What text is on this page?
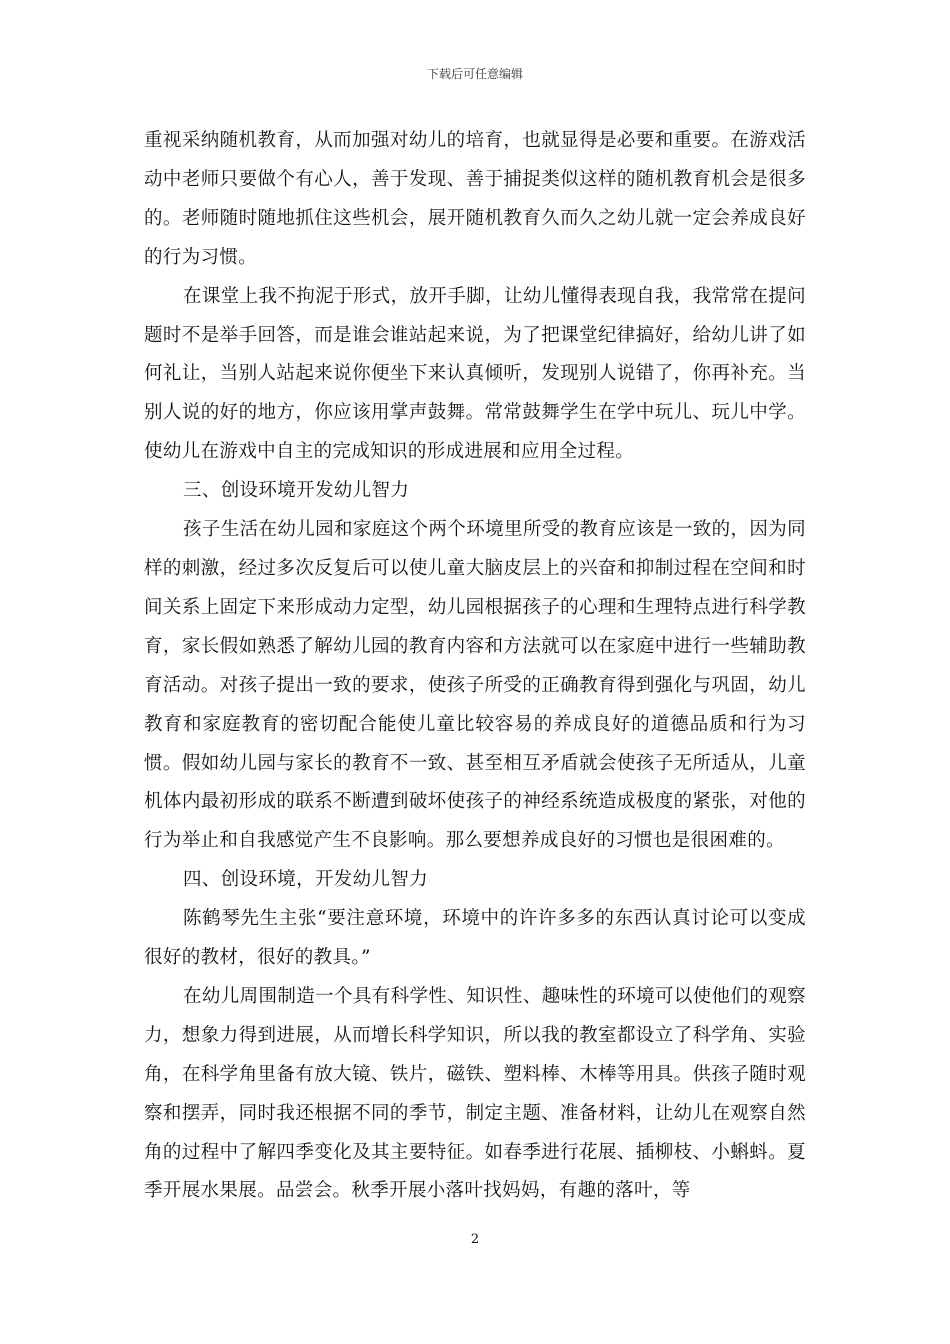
下载后可任意编辑

重视采纳随机教育，从而加强对幼儿的培育，也就显得是必要和重要。在游戏活动中老师只要做个有心人，善于发现、善于捕捉类似这样的随机教育机会是很多的。老师随时随地抓住这些机会，展开随机教育久而久之幼儿就一定会养成良好的行为习惯。

在课堂上我不拘泥于形式，放开手脚，让幼儿懂得表现自我，我常常在提问题时不是举手回答，而是谁会谁站起来说，为了把课堂纪律搞好，给幼儿讲了如何礼让，当别人站起来说你便坐下来认真倾听，发现别人说错了，你再补充。当别人说的好的地方，你应该用掌声鼓舞。常常鼓舞学生在学中玩儿、玩儿中学。使幼儿在游戏中自主的完成知识的形成进展和应用全过程。

三、创设环境开发幼儿智力

孩子生活在幼儿园和家庭这个两个环境里所受的教育应该是一致的，因为同样的刺激，经过多次反复后可以使儿童大脑皮层上的兴奋和抑制过程在空间和时间关系上固定下来形成动力定型，幼儿园根据孩子的心理和生理特点进行科学教育，家长假如熟悉了解幼儿园的教育内容和方法就可以在家庭中进行一些辅助教育活动。对孩子提出一致的要求，使孩子所受的正确教育得到强化与巩固，幼儿教育和家庭教育的密切配合能使儿童比较容易的养成良好的道德品质和行为习惯。假如幼儿园与家长的教育不一致、甚至相互矛盾就会使孩子无所适从，儿童机体内最初形成的联系不断遭到破坏使孩子的神经系统造成极度的紧张，对他的行为举止和自我感觉产生不良影响。那么要想养成良好的习惯也是很困难的。

四、创设环境，开发幼儿智力

陈鹤琴先生主张“要注意环境，环境中的许许多多的东西认真讨论可以变成很好的教材，很好的教具。”

在幼儿周围制造一个具有科学性、知识性、趣味性的环境可以使他们的观察力，想象力得到进展，从而增长科学知识，所以我的教室都设立了科学角、实验角，在科学角里备有放大镜、铁片，磁铁、塑料棒、木棒等用具。供孩子随时观察和摆弄，同时我还根据不同的季节，制定主题、准备材料，让幼儿在观察自然角的过程中了解四季变化及其主要特征。如春季进行花展、插柳枝、小蝌蚪。夏季开展水果展。品尝会。秋季开展小落叶找妈妈，有趣的落叶，等

2
